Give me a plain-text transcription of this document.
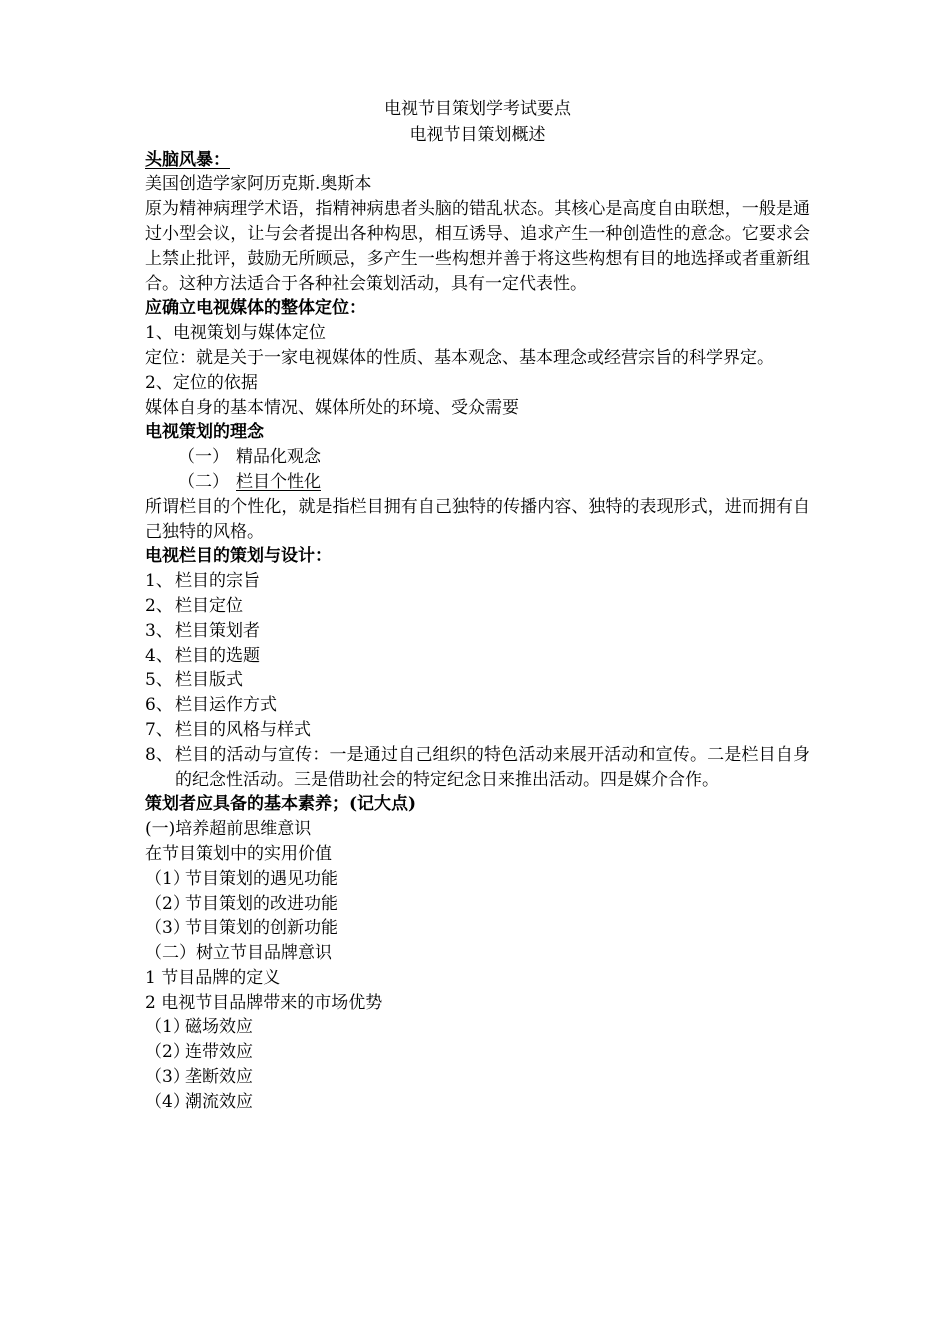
电视节目策划学考试要点
电视节目策划概述
头脑风暴：
美国创造学家阿历克斯.奥斯本
原为精神病理学术语，指精神病患者头脑的错乱状态。其核心是高度自由联想，一般是通过小型会议，让与会者提出各种构思，相互诱导、追求产生一种创造性的意念。它要求会上禁止批评，鼓励无所顾忌，多产生一些构想并善于将这些构想有目的地选择或者重新组合。这种方法适合于各种社会策划活动，具有一定代表性。
应确立电视媒体的整体定位：
1、电视策划与媒体定位
定位：就是关于一家电视媒体的性质、基本观念、基本理念或经营宗旨的科学界定。
2、定位的依据
媒体自身的基本情况、媒体所处的环境、受众需要
电视策划的理念
（一） 精品化观念
（二） 栏目个性化
所谓栏目的个性化，就是指栏目拥有自己独特的传播内容、独特的表现形式，进而拥有自己独特的风格。
电视栏目的策划与设计：
1、 栏目的宗旨
2、 栏目定位
3、 栏目策划者
4、 栏目的选题
5、 栏目版式
6、 栏目运作方式
7、 栏目的风格与样式
8、 栏目的活动与宣传：一是通过自己组织的特色活动来展开活动和宣传。二是栏目自身的纪念性活动。三是借助社会的特定纪念日来推出活动。四是媒介合作。
策划者应具备的基本素养；(记大点)
(一)培养超前思维意识
在节目策划中的实用价值
（1）节目策划的遇见功能
（2）节目策划的改进功能
（3）节目策划的创新功能
（二）树立节目品牌意识
1 节目品牌的定义
2 电视节目品牌带来的市场优势
（1）磁场效应
（2）连带效应
（3）垄断效应
（4）潮流效应
